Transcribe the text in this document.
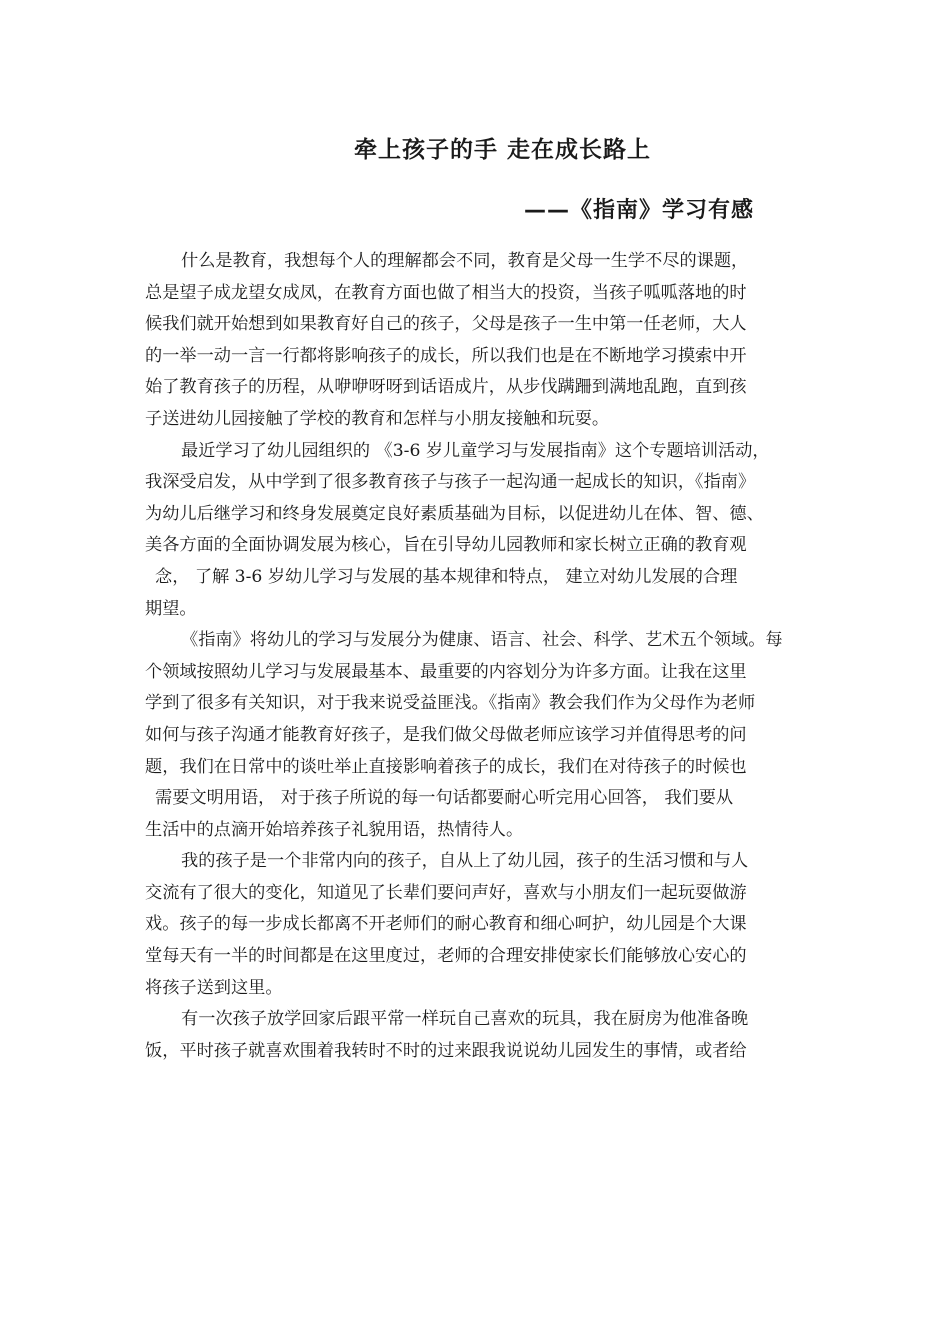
牵上孩子的手 走在成长路上
——《指南》学习有感

什么是教育，我想每个人的理解都会不同，教育是父母一生学不尽的课题，
总是望子成龙望女成凤，在教育方面也做了相当大的投资，当孩子呱呱落地的时
候我们就开始想到如果教育好自己的孩子，父母是孩子一生中第一任老师，大人
的一举一动一言一行都将影响孩子的成长，所以我们也是在不断地学习摸索中开
始了教育孩子的历程，从咿咿呀呀到话语成片，从步伐蹒跚到满地乱跑，直到孩
子送进幼儿园接触了学校的教育和怎样与小朋友接触和玩耍。

最近学习了幼儿园组织的 《3-6 岁儿童学习与发展指南》这个专题培训活动，
我深受启发，从中学到了很多教育孩子与孩子一起沟通一起成长的知识，《指南》
为幼儿后继学习和终身发展奠定良好素质基础为目标，以促进幼儿在体、智、德、
美各方面的全面协调发展为核心，旨在引导幼儿园教师和家长树立正确的教育观
念， 了解 3-6 岁幼儿学习与发展的基本规律和特点， 建立对幼儿发展的合理
期望。

《指南》将幼儿的学习与发展分为健康、语言、社会、科学、艺术五个领域。每
个领域按照幼儿学习与发展最基本、最重要的内容划分为许多方面。让我在这里
学到了很多有关知识，对于我来说受益匪浅。《指南》教会我们作为父母作为老师
如何与孩子沟通才能教育好孩子，是我们做父母做老师应该学习并值得思考的问
题，我们在日常中的谈吐举止直接影响着孩子的成长，我们在对待孩子的时候也
需要文明用语， 对于孩子所说的每一句话都要耐心听完用心回答， 我们要从
生活中的点滴开始培养孩子礼貌用语，热情待人。

我的孩子是一个非常内向的孩子，自从上了幼儿园，孩子的生活习惯和与人
交流有了很大的变化，知道见了长辈们要问声好，喜欢与小朋友们一起玩耍做游
戏。孩子的每一步成长都离不开老师们的耐心教育和细心呵护，幼儿园是个大课
堂每天有一半的时间都是在这里度过，老师的合理安排使家长们能够放心安心的
将孩子送到这里。

有一次孩子放学回家后跟平常一样玩自己喜欢的玩具，我在厨房为他准备晚
饭，平时孩子就喜欢围着我转时不时的过来跟我说说幼儿园发生的事情，或者给
